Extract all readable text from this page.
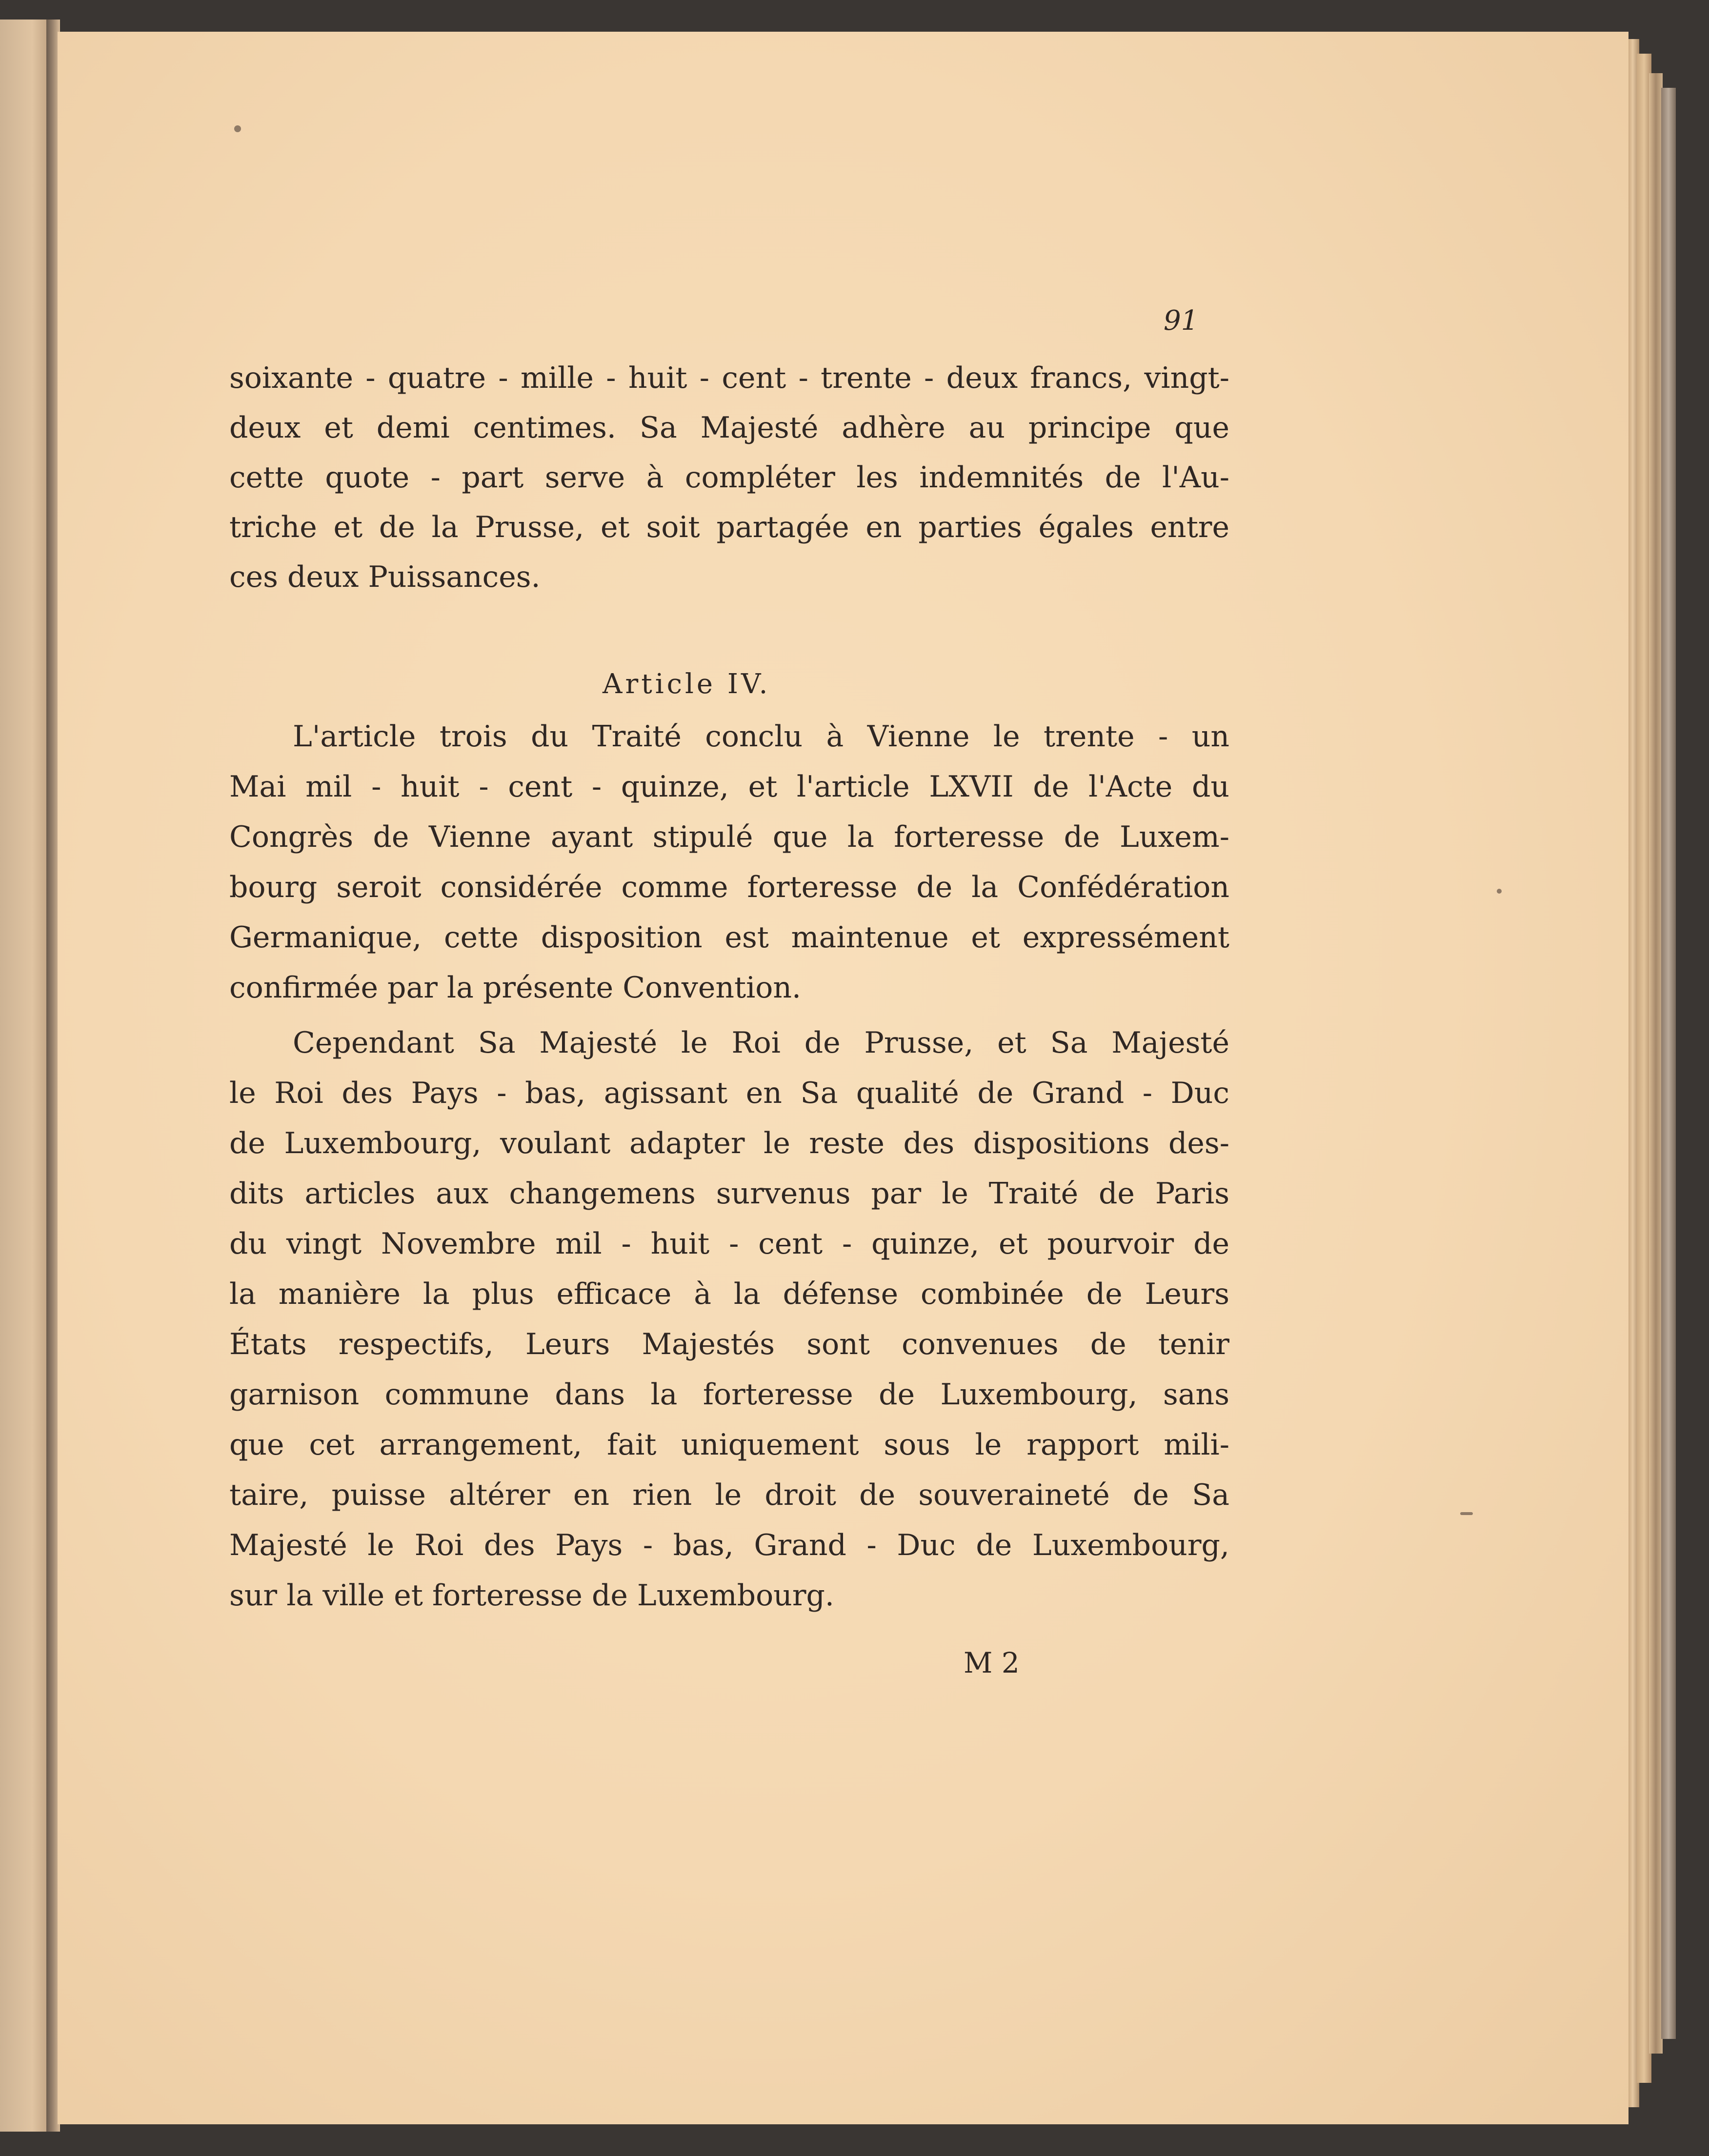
91
soixante - quatre - mille - huit - cent - trente - deux francs, vingt-
deux et demi centimes. Sa Majesté adhère au principe que
cette quote - part serve à compléter les indemnités de l'Au-
triche et de la Prusse, et soit partagée en parties égales entre
ces deux Puissances.
Article IV.
L'article trois du Traité conclu à Vienne le trente - un
Mai mil - huit - cent - quinze, et l'article LXVII de l'Acte du
Congrès de Vienne ayant stipulé que la forteresse de Luxem-
bourg seroit considérée comme forteresse de la Confédération
Germanique, cette disposition est maintenue et expressément
confirmée par la présente Convention.
Cependant Sa Majesté le Roi de Prusse, et Sa Majesté
le Roi des Pays - bas, agissant en Sa qualité de Grand - Duc
de Luxembourg, voulant adapter le reste des dispositions des-
dits articles aux changemens survenus par le Traité de Paris
du vingt Novembre mil - huit - cent - quinze, et pourvoir de
la manière la plus efficace à la défense combinée de Leurs
États respectifs, Leurs Majestés sont convenues de tenir
garnison commune dans la forteresse de Luxembourg, sans
que cet arrangement, fait uniquement sous le rapport mili-
taire, puisse altérer en rien le droit de souveraineté de Sa
Majesté le Roi des Pays - bas, Grand - Duc de Luxembourg,
sur la ville et forteresse de Luxembourg.
M 2
